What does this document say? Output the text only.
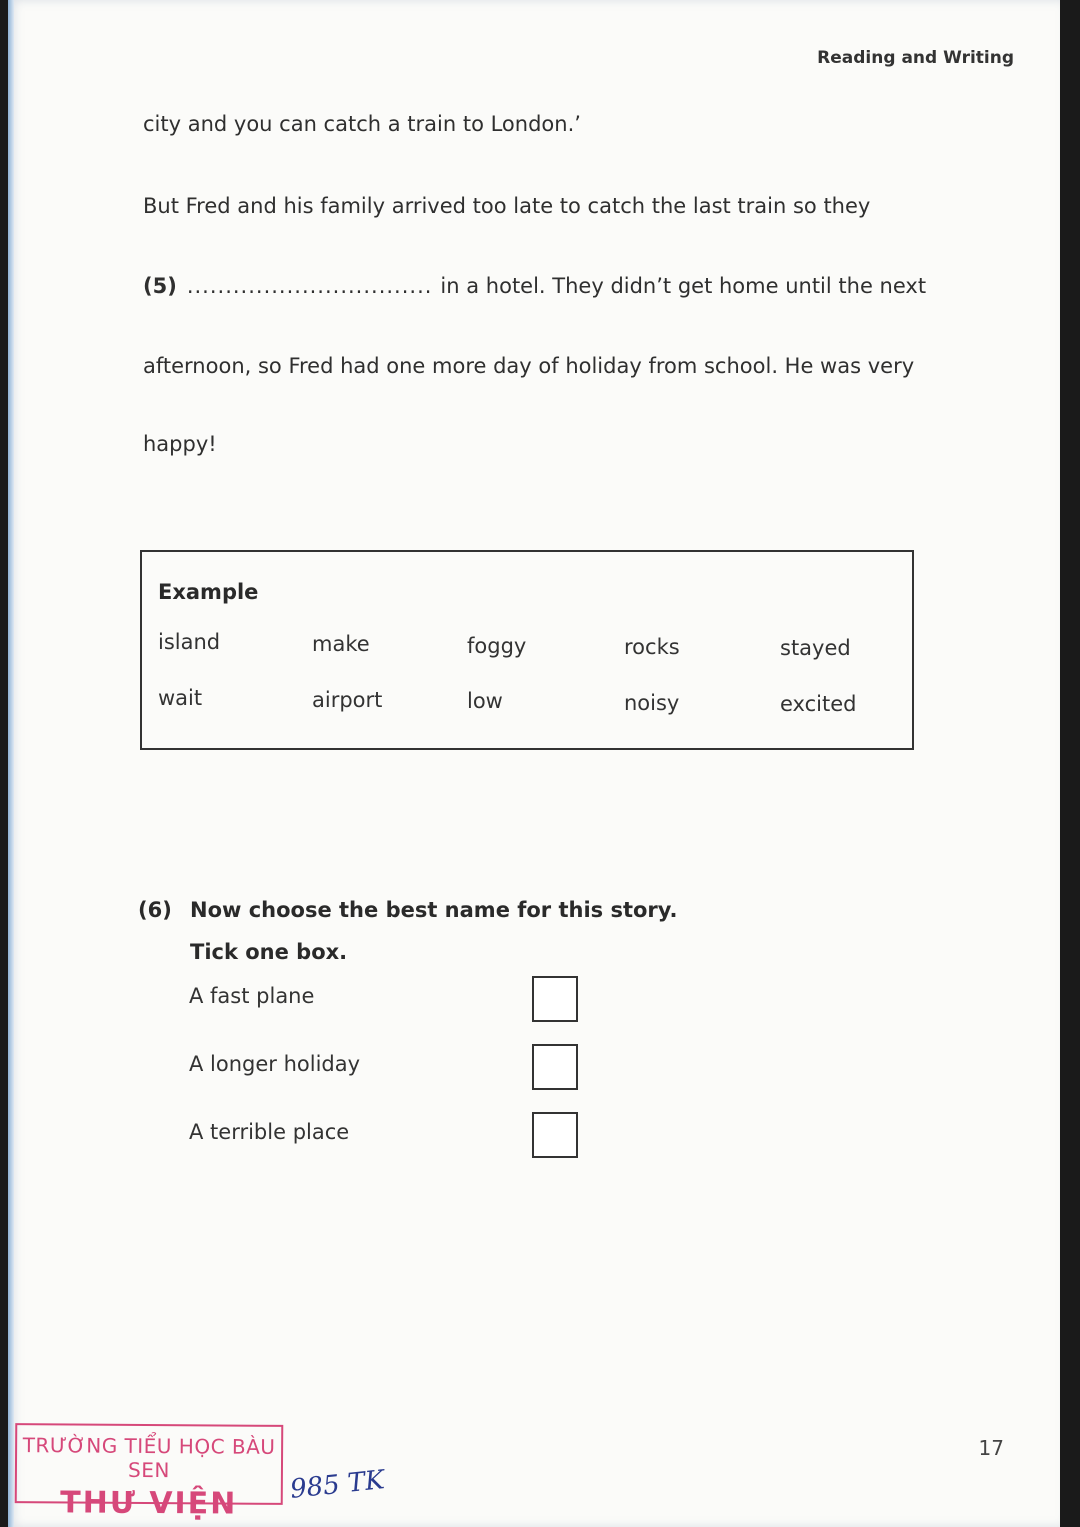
Reading and Writing
city and you can catch a train to London.’
But Fred and his family arrived too late to catch the last train so they
(5) ................................ in a hotel. They didn’t get home until the next
afternoon, so Fred had one more day of holiday from school. He was very
happy!
Example
island	make	foggy	rocks	stayed
wait	airport	low	noisy	excited
(6) Now choose the best name for this story.
Tick one box.
A fast plane
A longer holiday
A terrible place
17
TRƯỜNG TIỂU HỌC BÀU SEN
THƯ VIỆN	985 TK
